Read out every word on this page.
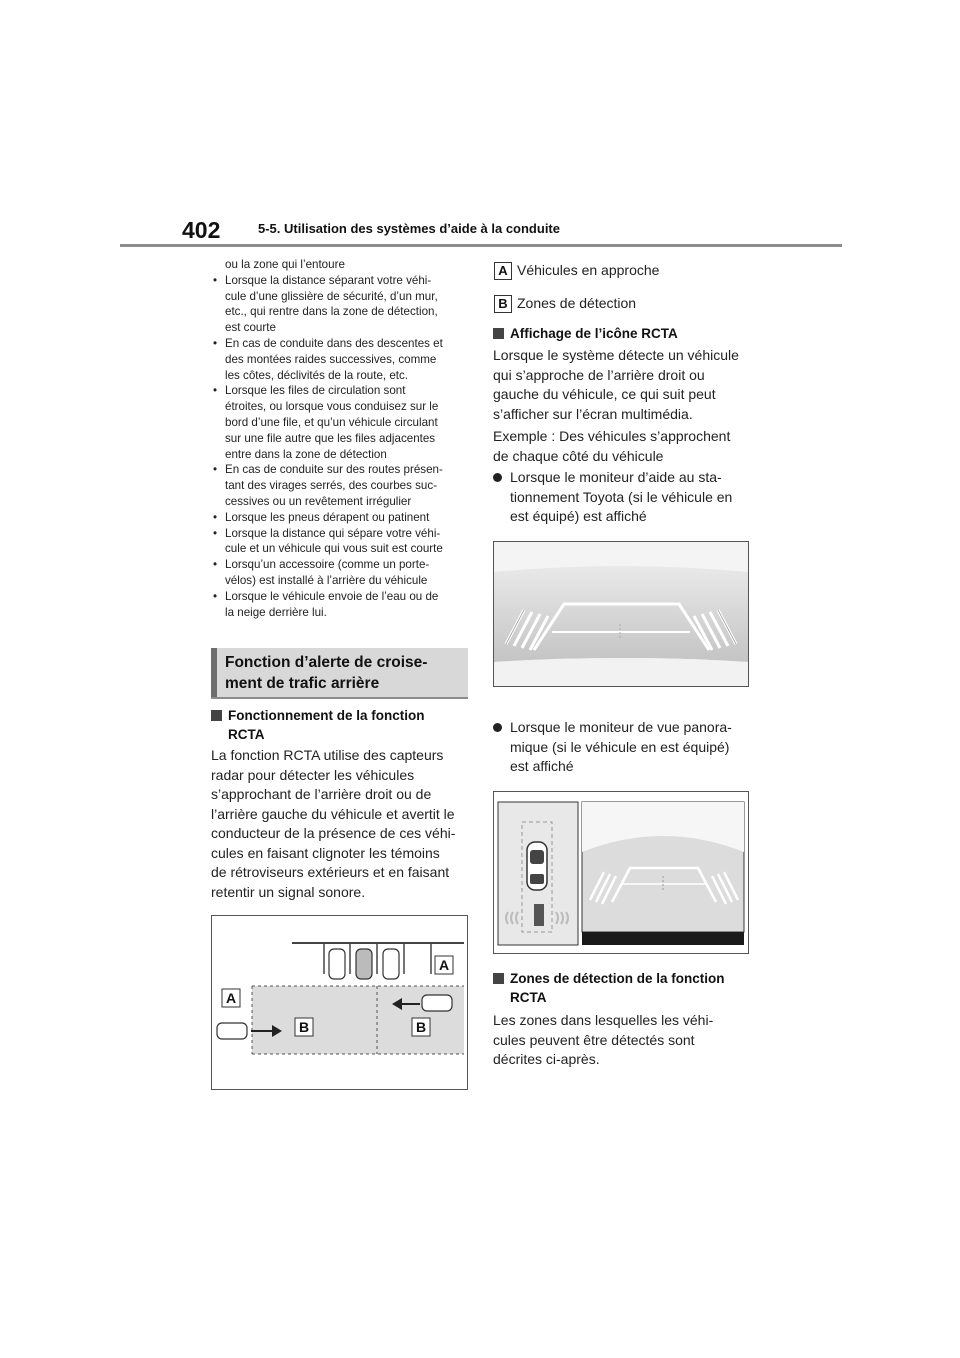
402	5-5. Utilisation des systèmes d’aide à la conduite
ou la zone qui l’entoure
• Lorsque la distance séparant votre véhi-
cule d’une glissière de sécurité, d’un mur,
etc., qui rentre dans la zone de détection,
est courte
• En cas de conduite dans des descentes et
des montées raides successives, comme
les côtes, déclivités de la route, etc.
• Lorsque les files de circulation sont
étroites, ou lorsque vous conduisez sur le
bord d’une file, et qu’un véhicule circulant
sur une file autre que les files adjacentes
entre dans la zone de détection
• En cas de conduite sur des routes présen-
tant des virages serrés, des courbes suc-
cessives ou un revêtement irrégulier
• Lorsque les pneus dérapent ou patinent
• Lorsque la distance qui sépare votre véhi-
cule et un véhicule qui vous suit est courte
• Lorsqu’un accessoire (comme un porte-
vélos) est installé à l’arrière du véhicule
• Lorsque le véhicule envoie de l’eau ou de
la neige derrière lui.
Fonction d’alerte de croise-
ment de trafic arrière
Fonctionnement de la fonction
RCTA
La fonction RCTA utilise des capteurs
radar pour détecter les véhicules
s’approchant de l’arrière droit ou de
l’arrière gauche du véhicule et avertit le
conducteur de la présence de ces véhi-
cules en faisant clignoter les témoins
de rétroviseurs extérieurs et en faisant
retentir un signal sonore.
A
A
B	B
A Véhicules en approche
B Zones de détection
Affichage de l’icône RCTA
Lorsque le système détecte un véhicule
qui s’approche de l’arrière droit ou
gauche du véhicule, ce qui suit peut
s’afficher sur l’écran multimédia.
Exemple : Des véhicules s’approchent
de chaque côté du véhicule
Lorsque le moniteur d’aide au sta-
tionnement Toyota (si le véhicule en
est équipé) est affiché
Lorsque le moniteur de vue panora-
mique (si le véhicule en est équipé)
est affiché
Zones de détection de la fonction
RCTA
Les zones dans lesquelles les véhi-
cules peuvent être détectés sont
décrites ci-après.
